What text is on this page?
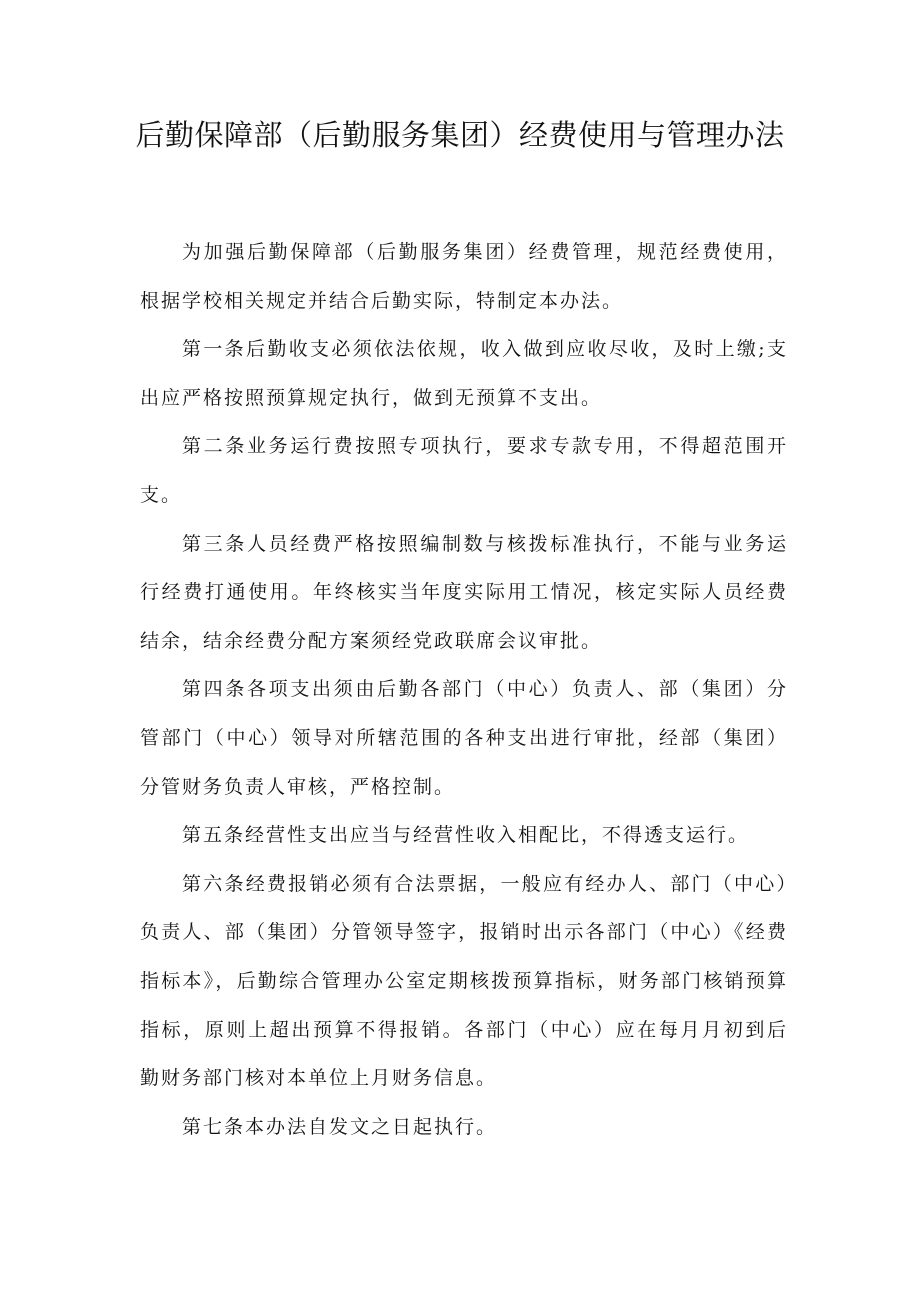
后勤保障部（后勤服务集团）经费使用与管理办法

为加强后勤保障部（后勤服务集团）经费管理，规范经费使用，根据学校相关规定并结合后勤实际，特制定本办法。

第一条后勤收支必须依法依规，收入做到应收尽收，及时上缴;支出应严格按照预算规定执行，做到无预算不支出。

第二条业务运行费按照专项执行，要求专款专用，不得超范围开支。

第三条人员经费严格按照编制数与核拨标准执行，不能与业务运行经费打通使用。年终核实当年度实际用工情况，核定实际人员经费结余，结余经费分配方案须经党政联席会议审批。

第四条各项支出须由后勤各部门（中心）负责人、部（集团）分管部门（中心）领导对所辖范围的各种支出进行审批，经部（集团）分管财务负责人审核，严格控制。

第五条经营性支出应当与经营性收入相配比，不得透支运行。

第六条经费报销必须有合法票据，一般应有经办人、部门（中心）负责人、部（集团）分管领导签字，报销时出示各部门（中心）《经费指标本》，后勤综合管理办公室定期核拨预算指标，财务部门核销预算指标，原则上超出预算不得报销。各部门（中心）应在每月月初到后勤财务部门核对本单位上月财务信息。

第七条本办法自发文之日起执行。
